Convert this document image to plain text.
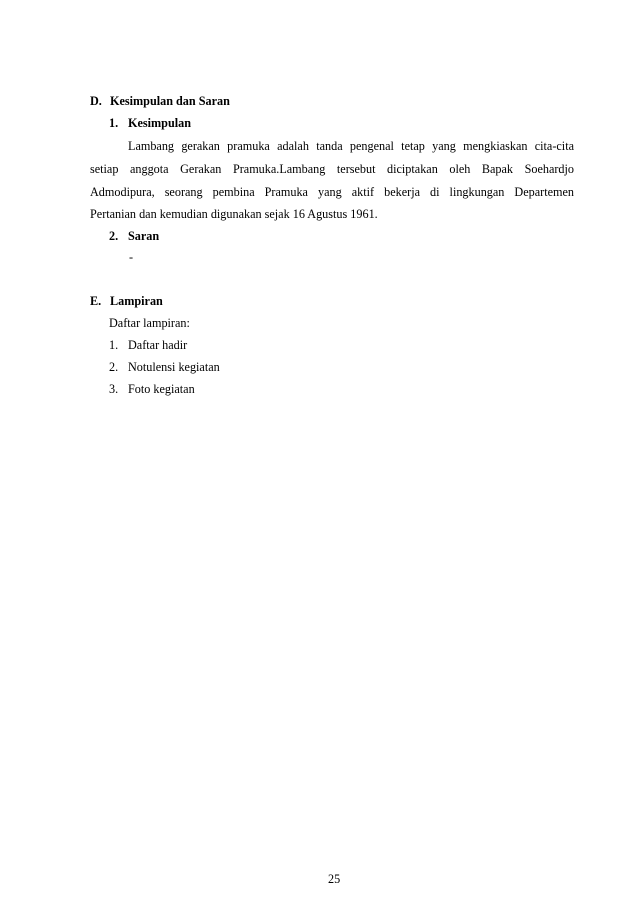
D. Kesimpulan dan Saran
1. Kesimpulan
Lambang gerakan pramuka adalah tanda pengenal tetap yang mengkiaskan cita-cita
setiap anggota Gerakan Pramuka.Lambang tersebut diciptakan oleh Bapak Soehardjo
Admodipura, seorang pembina Pramuka yang aktif bekerja di lingkungan Departemen
Pertanian dan kemudian digunakan sejak 16 Agustus 1961.
2. Saran
-
E. Lampiran
Daftar lampiran:
1. Daftar hadir
2. Notulensi kegiatan
3. Foto kegiatan
25
